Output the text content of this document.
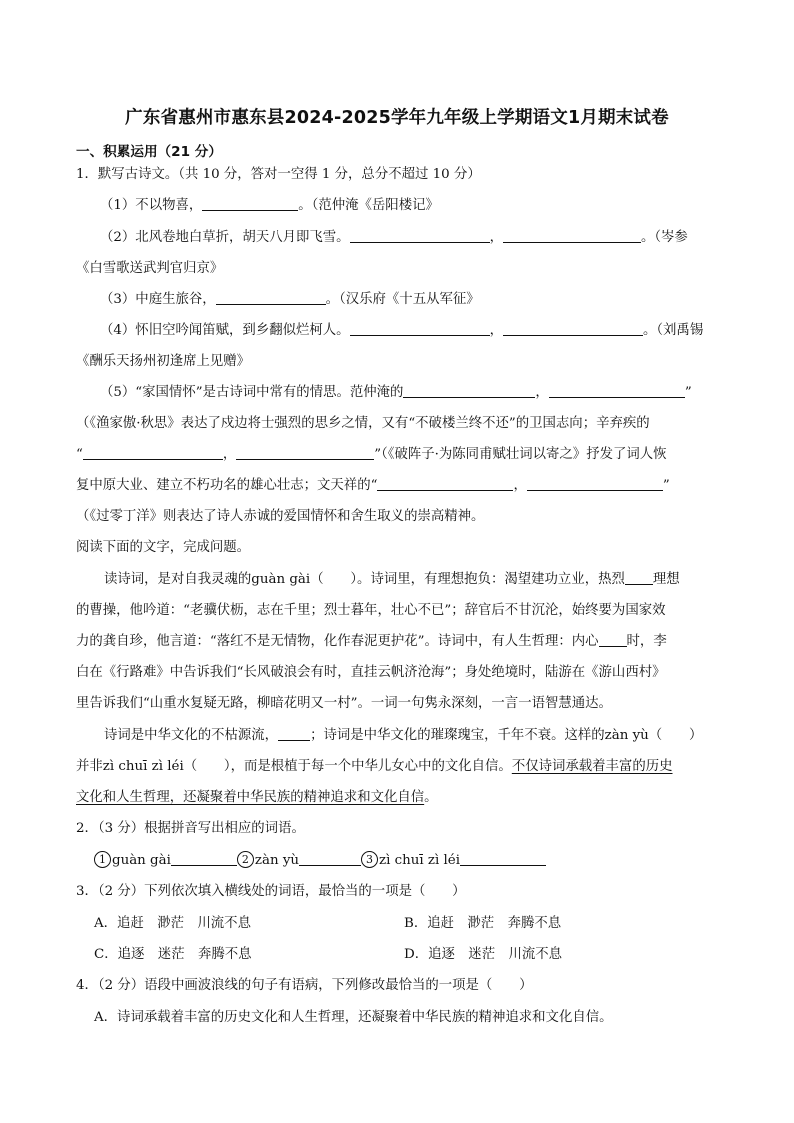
广东省惠州市惠东县2024-2025学年九年级上学期语文1月期末试卷
一、积累运用（21 分）
1．默写古诗文。（共 10 分，答对一空得 1 分，总分不超过 10 分）
（1）不以物喜，	。（范仲淹《岳阳楼记》
（2）北风卷地白草折，胡天八月即飞雪。	，	。（岑参
《白雪歌送武判官归京》
（3）中庭生旅谷，	。（汉乐府《十五从军征》
（4）怀旧空吟闻笛赋，到乡翻似烂柯人。	，	。（刘禹锡
《酬乐天扬州初逢席上见赠》
（5）“家国情怀”是古诗词中常有的情思。范仲淹的	，	”
（《渔家傲·秋思》表达了戍边将士强烈的思乡之情，又有“不破楼兰终不还”的卫国志向；辛弃疾的
“	，	”（《破阵子·为陈同甫赋壮词以寄之》抒发了词人恢
复中原大业、建立不朽功名的雄心壮志；文天祥的“	，	”
（《过零丁洋》则表达了诗人赤诚的爱国情怀和舍生取义的崇高精神。
阅读下面的文字，完成问题。
读诗词，是对自我灵魂的guàn gài（　　）。诗词里，有理想抱负：渴望建功立业，热烈 理想
的曹操，他吟道：“老骥伏枥，志在千里；烈士暮年，壮心不已”；辞官后不甘沉沦，始终要为国家效
力的龚自珍，他言道：“落红不是无情物，化作春泥更护花”。诗词中，有人生哲理：内心 时，李
白在《行路难》中告诉我们“长风破浪会有时，直挂云帆济沧海”；身处绝境时，陆游在《游山西村》
里告诉我们“山重水复疑无路，柳暗花明又一村”。一词一句隽永深刻，一言一语智慧通达。
诗词是中华文化的不枯源流， ；诗词是中华文化的璀璨瑰宝，千年不衰。这样的zàn yù（　　）
并非zì chuī zì léi（　　），而是根植于每一个中华儿女心中的文化自信。不仅诗词承载着丰富的历史
文化和人生哲理，还凝聚着中华民族的精神追求和文化自信。
2．（3 分）根据拼音写出相应的词语。
1 guàn gài	2 zàn yù	3 zì chuī zì léi
3．（2 分）下列依次填入横线处的词语，最恰当的一项是（　　）
A．追赶　渺茫　川流不息	B．追赶　渺茫　奔腾不息
C．追逐　迷茫　奔腾不息	D．追逐　迷茫　川流不息
4．（2 分）语段中画波浪线的句子有语病，下列修改最恰当的一项是（　　）
A．诗词承载着丰富的历史文化和人生哲理，还凝聚着中华民族的精神追求和文化自信。
